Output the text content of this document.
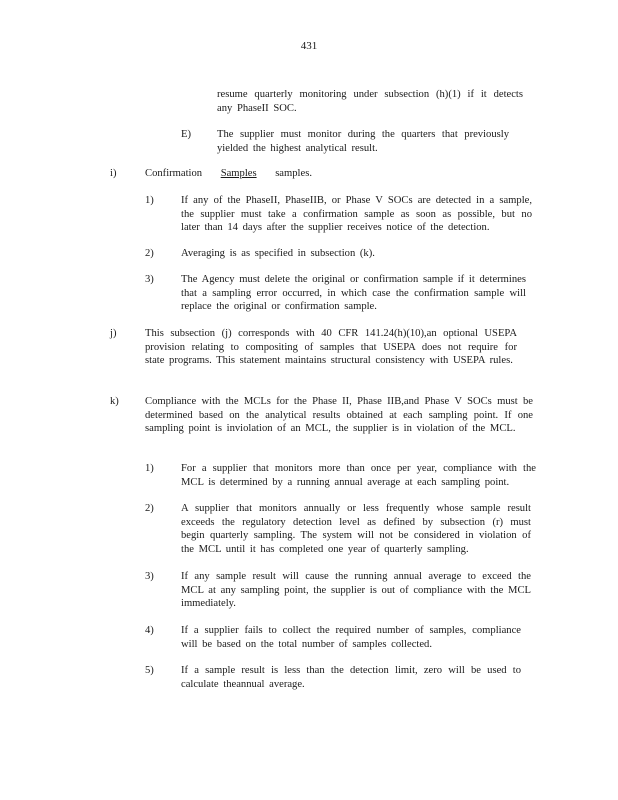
431
resume quarterly monitoring under subsection (h)(1) if it detects any PhaseII SOC.
E) The supplier must monitor during the quarters that previously yielded the highest analytical result.
i)	Confirmation Samples samples.
1)	If any of the PhaseII, PhaseIIB, or Phase V SOCs are detected in a sample, the supplier must take a confirmation sample as soon as possible, but no later than 14 days after the supplier receives notice of the detection.
2)	Averaging is as specified in subsection (k).
3)	The Agency must delete the original or confirmation sample if it determines that a sampling error occurred, in which case the confirmation sample will replace the original or confirmation sample.
j)	This subsection (j) corresponds with 40 CFR 141.24(h)(10),an optional USEPA provision relating to compositing of samples that USEPA does not require for state programs. This statement maintains structural consistency with USEPA rules.
k) Compliance with the MCLs for the Phase II, Phase IIB,and Phase V SOCs must be determined based on the analytical results obtained at each sampling point. If one sampling point is inviolation of an MCL, the supplier is in violation of the MCL.
1)	For a supplier that monitors more than once per year, compliance with the MCL is determined by a running annual average at each sampling point.
2)	A supplier that monitors annually or less frequently whose sample result exceeds the regulatory detection level as defined by subsection (r) must begin quarterly sampling. The system will not be considered in violation of the MCL until it has completed one year of quarterly sampling.
3)	If any sample result will cause the running annual average to exceed the MCL at any sampling point, the supplier is out of compliance with the MCL immediately.
4)	If a supplier fails to collect the required number of samples, compliance will be based on the total number of samples collected.
5)	If a sample result is less than the detection limit, zero will be used to calculate theannual average.
